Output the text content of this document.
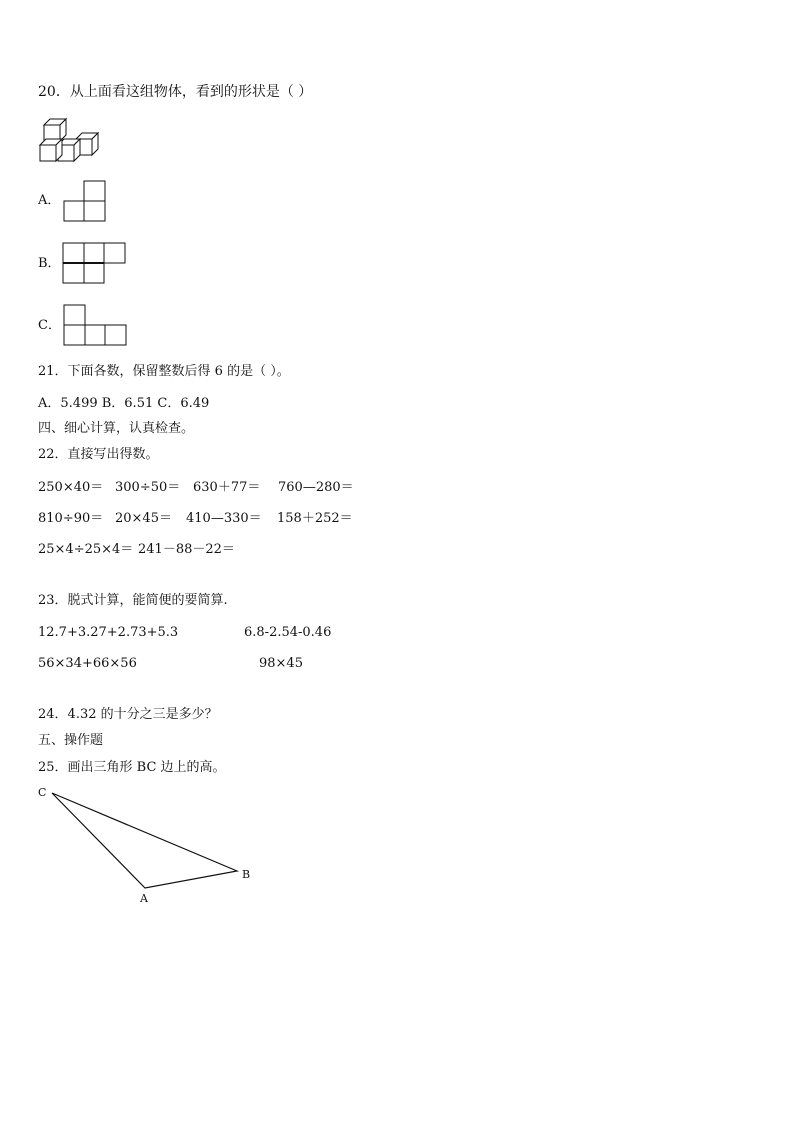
20．从上面看这组物体，看到的形状是（ ）
A．
B．
C．
21．下面各数，保留整数后得 6 的是（ ）。
A．5.499 B．6.51 C．6.49
四、细心计算，认真检查。
22．直接写出得数。
250×40＝ 300÷50＝ 630＋77＝ 760—280＝
810÷90＝ 20×45＝ 410—330＝ 158＋252＝
25×4÷25×4＝ 241－88－22＝
23．脱式计算，能简便的要简算.
12.7+3.27+2.73+5.3	6.8-2.54-0.46
56×34+66×56	98×45
24．4.32 的十分之三是多少？
五、操作题
25．画出三角形 BC 边上的高。
C
A
B
